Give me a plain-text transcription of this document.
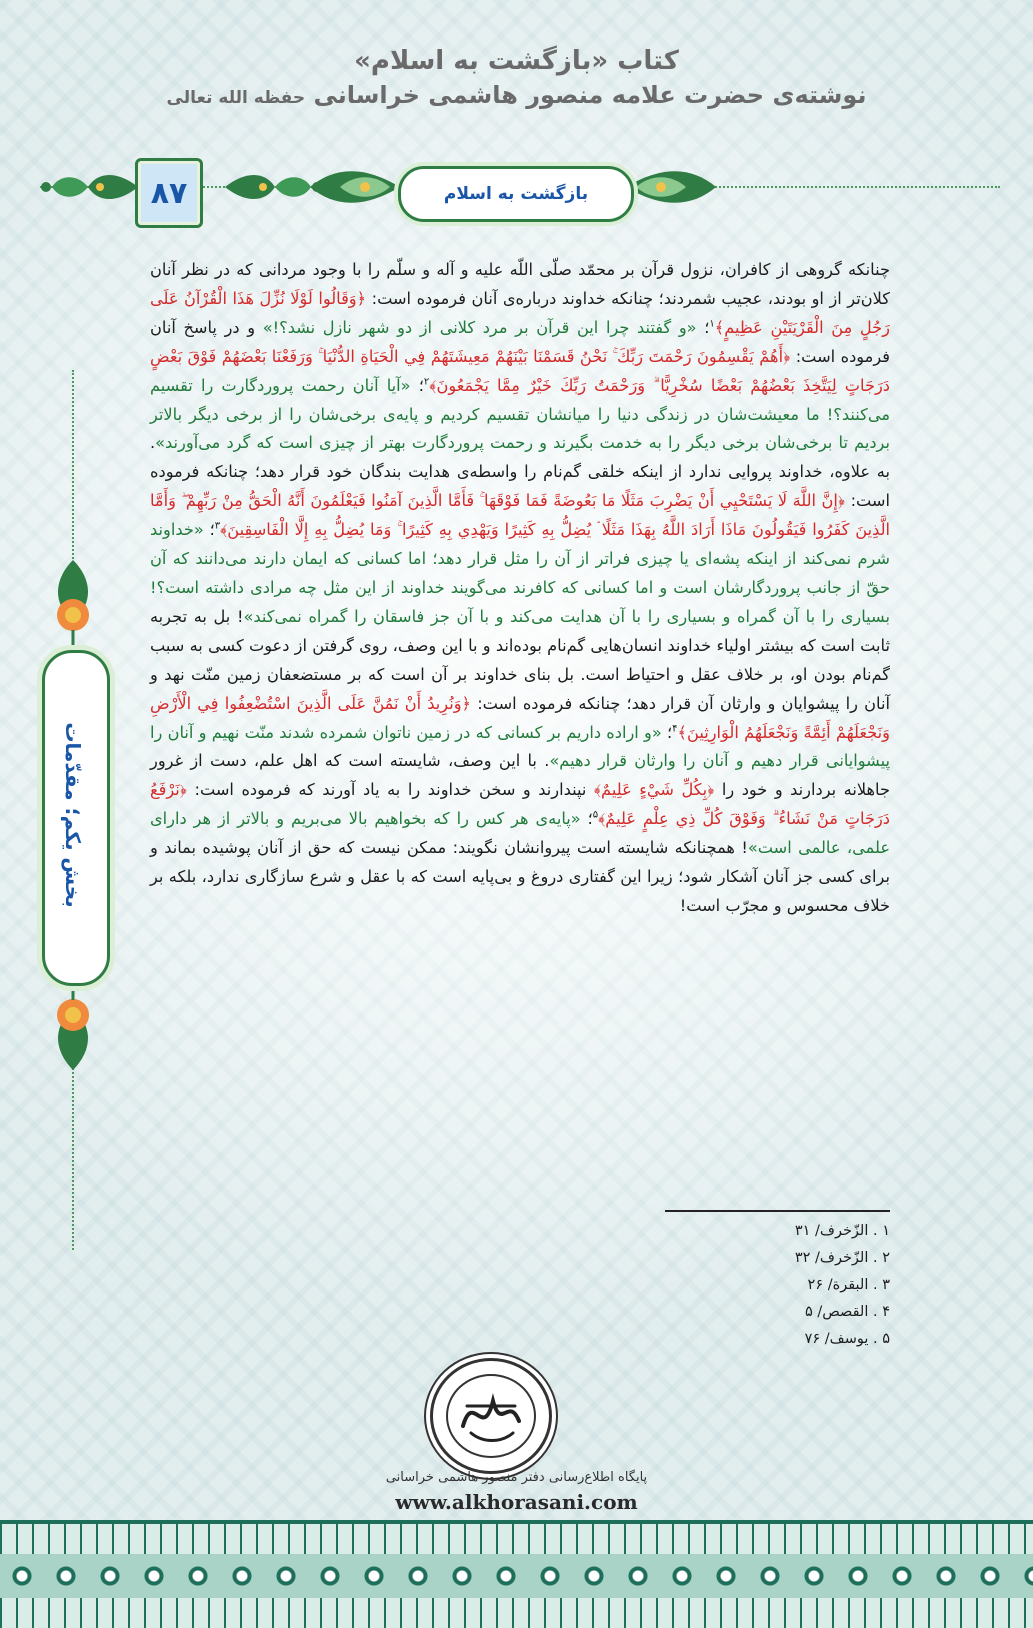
کتاب «بازگشت به اسلام»
نوشته‌ی حضرت علامه منصور هاشمی خراسانی حفظه الله تعالی
۸۷	بازگشت به اسلام
بخش یکم؛ مقدّمات
چنانکه گروهی از کافران، نزول قرآن بر محمّد صلّی اللّه علیه و آله و سلّم را با وجود مردانی که در نظر آنان کلان‌تر از او بودند، عجیب شمردند؛ چنانکه خداوند درباره‌ی آنان فرموده است: ﴿وَقَالُوا لَوْلَا نُزِّلَ هَذَا الْقُرْآنُ عَلَى رَجُلٍ مِنَ الْقَرْيَتَيْنِ عَظِيمٍ﴾$^۱$؛ «و گفتند چرا این قرآن بر مرد کلانی از دو شهر نازل نشد؟!» و در پاسخ آنان فرموده است: ﴿أَهُمْ يَقْسِمُونَ رَحْمَتَ رَبِّكَ ۚ نَحْنُ قَسَمْنَا بَيْنَهُمْ مَعِيشَتَهُمْ فِي الْحَيَاةِ الدُّنْيَا ۚ وَرَفَعْنَا بَعْضَهُمْ فَوْقَ بَعْضٍ دَرَجَاتٍ لِيَتَّخِذَ بَعْضُهُمْ بَعْضًا سُخْرِيًّا ۗ وَرَحْمَتُ رَبِّكَ خَيْرٌ مِمَّا يَجْمَعُونَ﴾$^۲$؛ «آیا آنان رحمت پروردگارت را تقسیم می‌کنند؟! ما معیشت‌شان در زندگی دنیا را میانشان تقسیم کردیم و پایه‌ی برخی‌شان را از برخی دیگر بالاتر بردیم تا برخی‌شان برخی دیگر را به خدمت بگیرند و رحمت پروردگارت بهتر از چیزی است که گرد می‌آورند». به علاوه، خداوند پروایی ندارد از اینکه خلقی گم‌نام را واسطه‌ی هدایت بندگان خود قرار دهد؛ چنانکه فرموده است: ﴿إِنَّ اللَّهَ لَا يَسْتَحْيِي أَنْ يَضْرِبَ مَثَلًا مَا بَعُوضَةً فَمَا فَوْقَهَا ۚ فَأَمَّا الَّذِينَ آمَنُوا فَيَعْلَمُونَ أَنَّهُ الْحَقُّ مِنْ رَبِّهِمْ ۖ وَأَمَّا الَّذِينَ كَفَرُوا فَيَقُولُونَ مَاذَا أَرَادَ اللَّهُ بِهَذَا مَثَلًا ۘ يُضِلُّ بِهِ كَثِيرًا وَيَهْدِي بِهِ كَثِيرًا ۚ وَمَا يُضِلُّ بِهِ إِلَّا الْفَاسِقِينَ﴾$^۳$؛ «خداوند شرم نمی‌کند از اینکه پشه‌ای یا چیزی فراتر از آن را مثل قرار دهد؛ اما کسانی که ایمان دارند می‌دانند که آن حقّ از جانب پروردگارشان است و اما کسانی که کافرند می‌گویند خداوند از این مثل چه مرادی داشته است؟! بسیاری را با آن گمراه و بسیاری را با آن هدایت می‌کند و با آن جز فاسقان را گمراه نمی‌کند»! بل به تجربه ثابت است که بیشتر اولیاء خداوند انسان‌هایی گم‌نام بوده‌اند و با این وصف، روی گرفتن از دعوت کسی به سبب گم‌نام بودن او، بر خلاف عقل و احتیاط است. بل بنای خداوند بر آن است که بر مستضعفان زمین منّت نهد و آنان را پیشوایان و وارثان آن قرار دهد؛ چنانکه فرموده است: ﴿وَنُرِيدُ أَنْ نَمُنَّ عَلَى الَّذِينَ اسْتُضْعِفُوا فِي الْأَرْضِ وَنَجْعَلَهُمْ أَئِمَّةً وَنَجْعَلَهُمُ الْوَارِثِينَ﴾$^۴$؛ «و اراده داریم بر کسانی که در زمین ناتوان شمرده شدند منّت نهیم و آنان را پیشوایانی قرار دهیم و آنان را وارثان قرار دهیم». با این وصف، شایسته است که اهل علم، دست از غرور جاهلانه بردارند و خود را ﴿بِكُلِّ شَيْءٍ عَلِيمٌ﴾ نپندارند و سخن خداوند را به یاد آورند که فرموده است: ﴿نَرْفَعُ دَرَجَاتٍ مَنْ نَشَاءُ ۗ وَفَوْقَ كُلِّ ذِي عِلْمٍ عَلِيمٌ﴾$^۵$؛ «پایه‌ی هر کس را که بخواهیم بالا می‌بریم و بالاتر از هر دارای علمی، عالمی است»! همچنانکه شایسته است پیروانشان نگویند: ممکن نیست که حق از آنان پوشیده بماند و برای کسی جز آنان آشکار شود؛ زیرا این گفتاری دروغ و بی‌پایه است که با عقل و شرع سازگاری ندارد، بلکه بر خلاف محسوس و مجرّب است!
۱ . الزّخرف/ ۳۱
۲ . الزّخرف/ ۳۲
۳ . البقرة/ ۲۶
۴ . القصص/ ۵
۵ . یوسف/ ۷۶
پایگاه اطلاع‌رسانی دفتر منصور هاشمی خراسانی
www.alkhorasani.com
